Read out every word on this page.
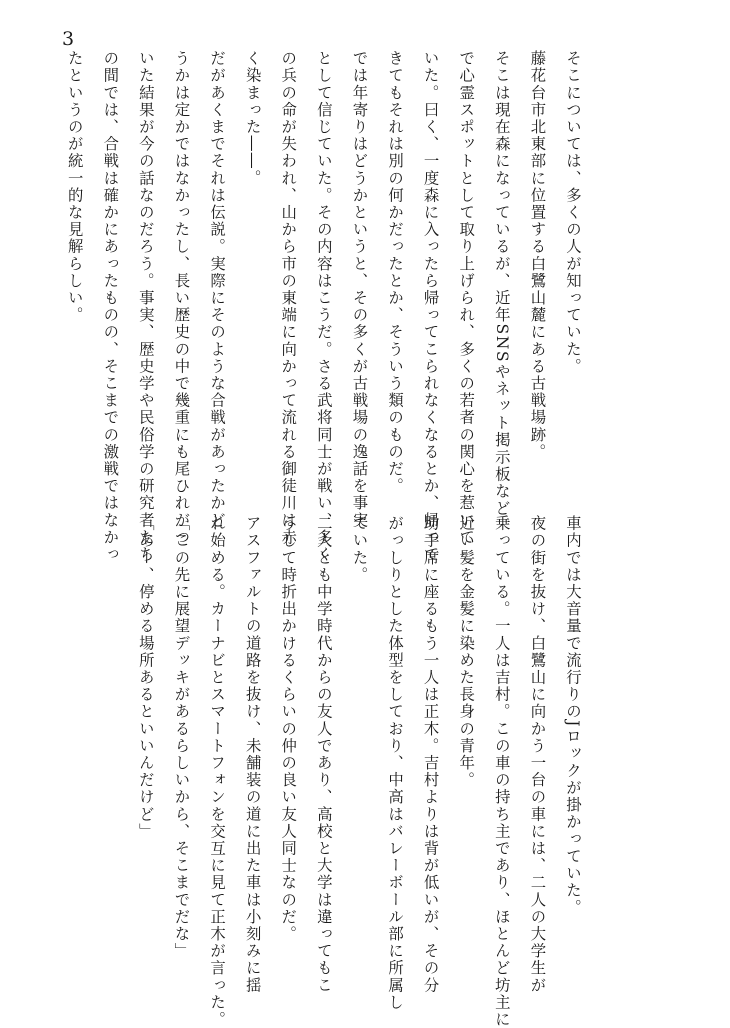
3
そこについては、多くの人が知っていた。
藤花台市北東部に位置する白鷺山麓にある古戦場跡。
そこは現在森になっているが、近年SNSやネット掲示板など
で心霊スポットとして取り上げられ、多くの若者の関心を惹いて
いた。曰く、一度森に入ったら帰ってこられなくなるとか、帰って
きてもそれは別の何かだったとか、そういう類のものだ。
では年寄りはどうかというと、その多くが古戦場の逸話を事実
として信じていた。その内容はこうだ。さる武将同士が戦い、多く
の兵の命が失われ、山から市の東端に向かって流れる御徒川は赤
く染まった――。
だがあくまでそれは伝説。実際にそのような合戦があったかど
うかは定かではなかったし、長い歴史の中で幾重にも尾ひれがつ
いた結果が今の話なのだろう。事実、歴史学や民俗学の研究者たち
の間では、合戦は確かにあったものの、そこまでの激戦ではなかっ
たというのが統一的な見解らしい。
車内では大音量で流行りのJロックが掛かっていた。
夜の街を抜け、白鷺山に向かう一台の車には、二人の大学生が
乗っている。一人は吉村。この車の持ち主であり、ほとんど坊主に
近い髪を金髪に染めた長身の青年。
助手席に座るもう一人は正木。吉村よりは背が低いが、その分
がっしりとした体型をしており、中高はバレーボール部に所属し
ていた。
二人とも中学時代からの友人であり、高校と大学は違ってもこ
うして時折出かけるくらいの仲の良い友人同士なのだ。
アスファルトの道路を抜け、未舗装の道に出た車は小刻みに揺
れ始める。カーナビとスマートフォンを交互に見て正木が言った。
「この先に展望デッキがあるらしいから、そこまでだな」
「あー、停める場所あるといいんだけど」
